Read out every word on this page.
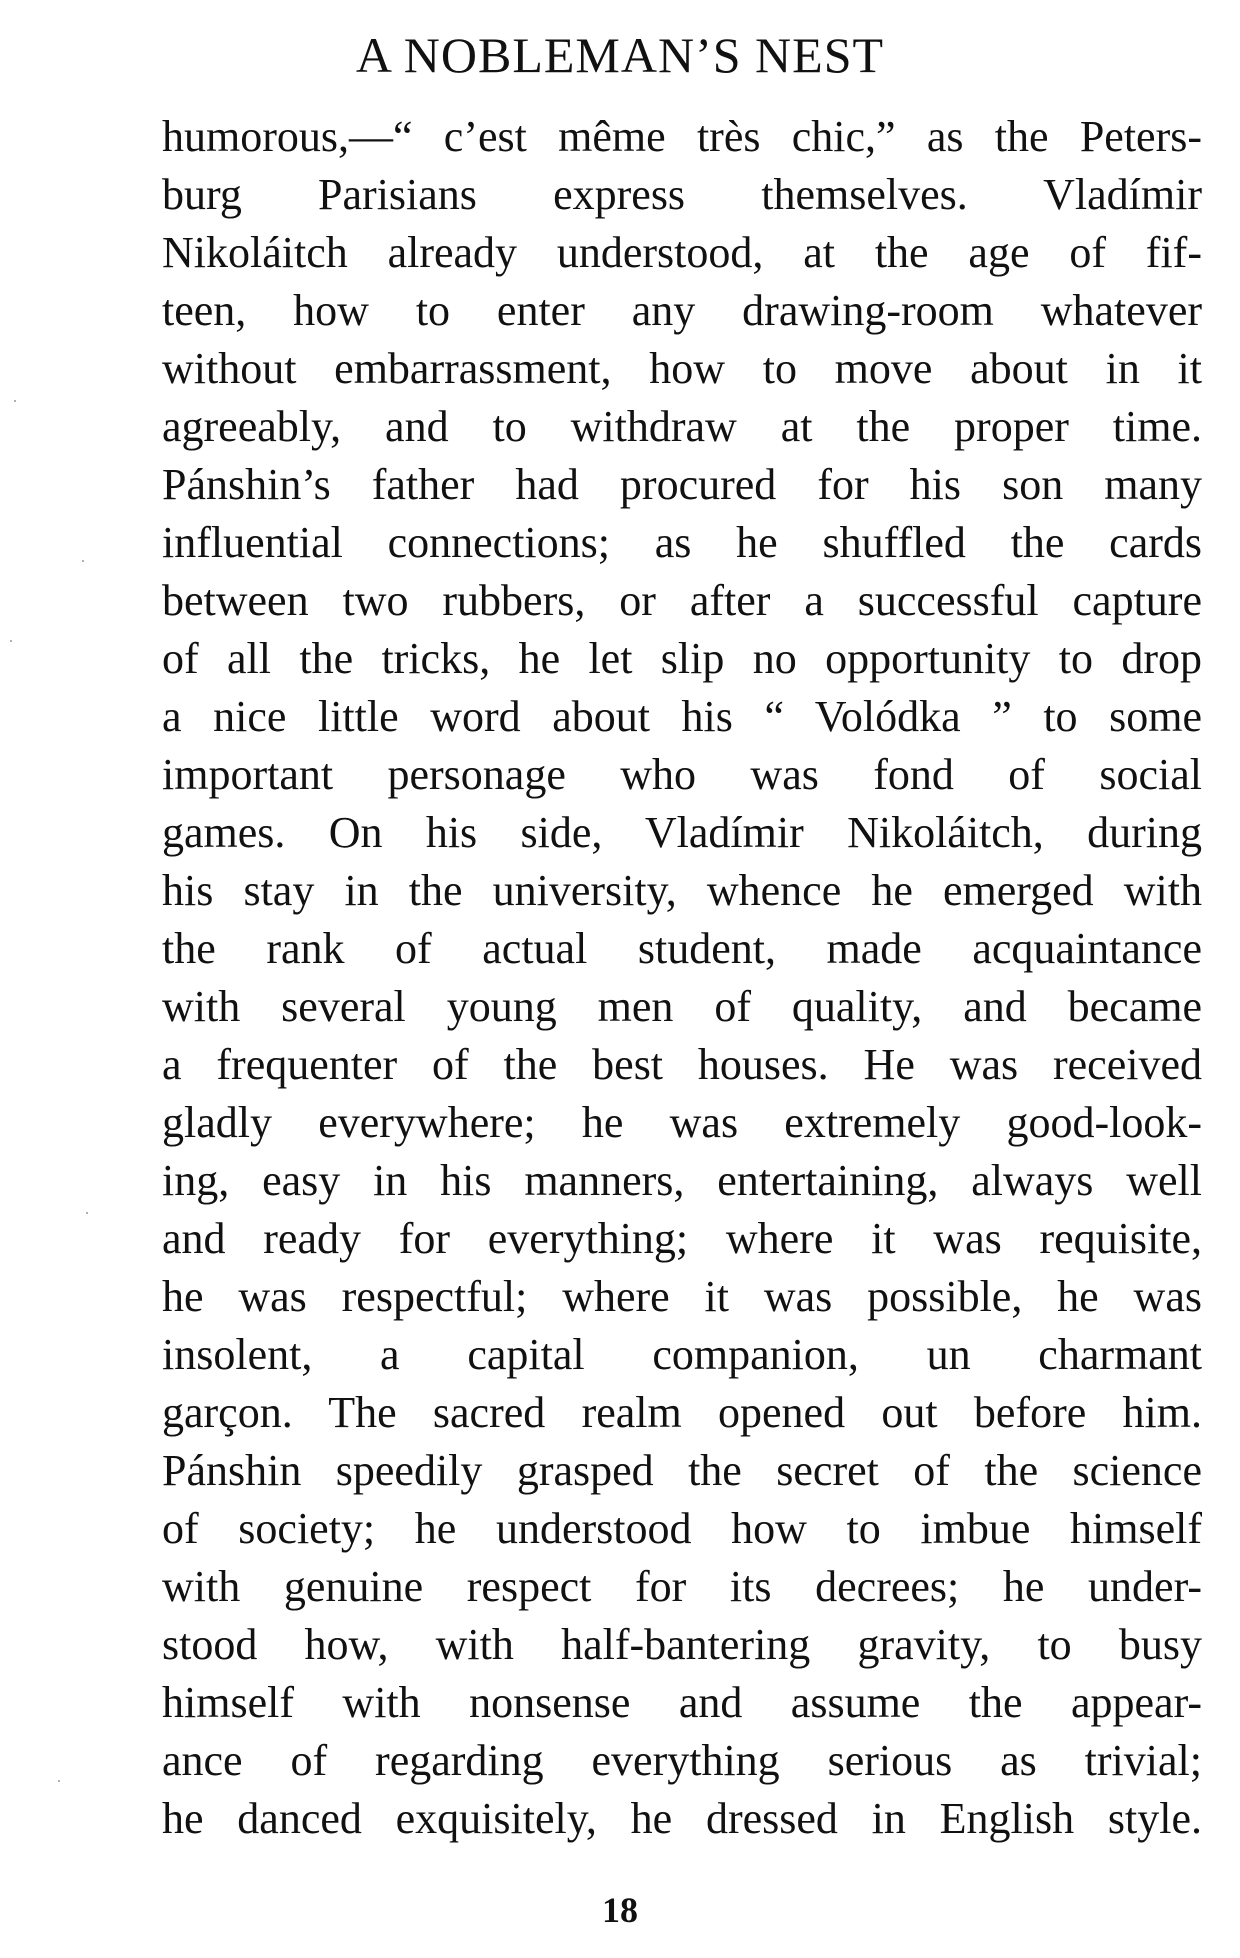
A NOBLEMAN’S NEST
humorous,—“ c’est même très chic,” as the Peters-
burg Parisians express themselves. Vladímir
Nikoláitch already understood, at the age of fif-
teen, how to enter any drawing-room whatever
without embarrassment, how to move about in it
agreeably, and to withdraw at the proper time.
Pánshin’s father had procured for his son many
influential connections; as he shuffled the cards
between two rubbers, or after a successful capture
of all the tricks, he let slip no opportunity to drop
a nice little word about his “ Volódka ” to some
important personage who was fond of social
games. On his side, Vladímir Nikoláitch, during
his stay in the university, whence he emerged with
the rank of actual student, made acquaintance
with several young men of quality, and became
a frequenter of the best houses. He was received
gladly everywhere; he was extremely good-look-
ing, easy in his manners, entertaining, always well
and ready for everything; where it was requisite,
he was respectful; where it was possible, he was
insolent, a capital companion, un charmant
garçon. The sacred realm opened out before him.
Pánshin speedily grasped the secret of the science
of society; he understood how to imbue himself
with genuine respect for its decrees; he under-
stood how, with half-bantering gravity, to busy
himself with nonsense and assume the appear-
ance of regarding everything serious as trivial;
he danced exquisitely, he dressed in English style.
18
